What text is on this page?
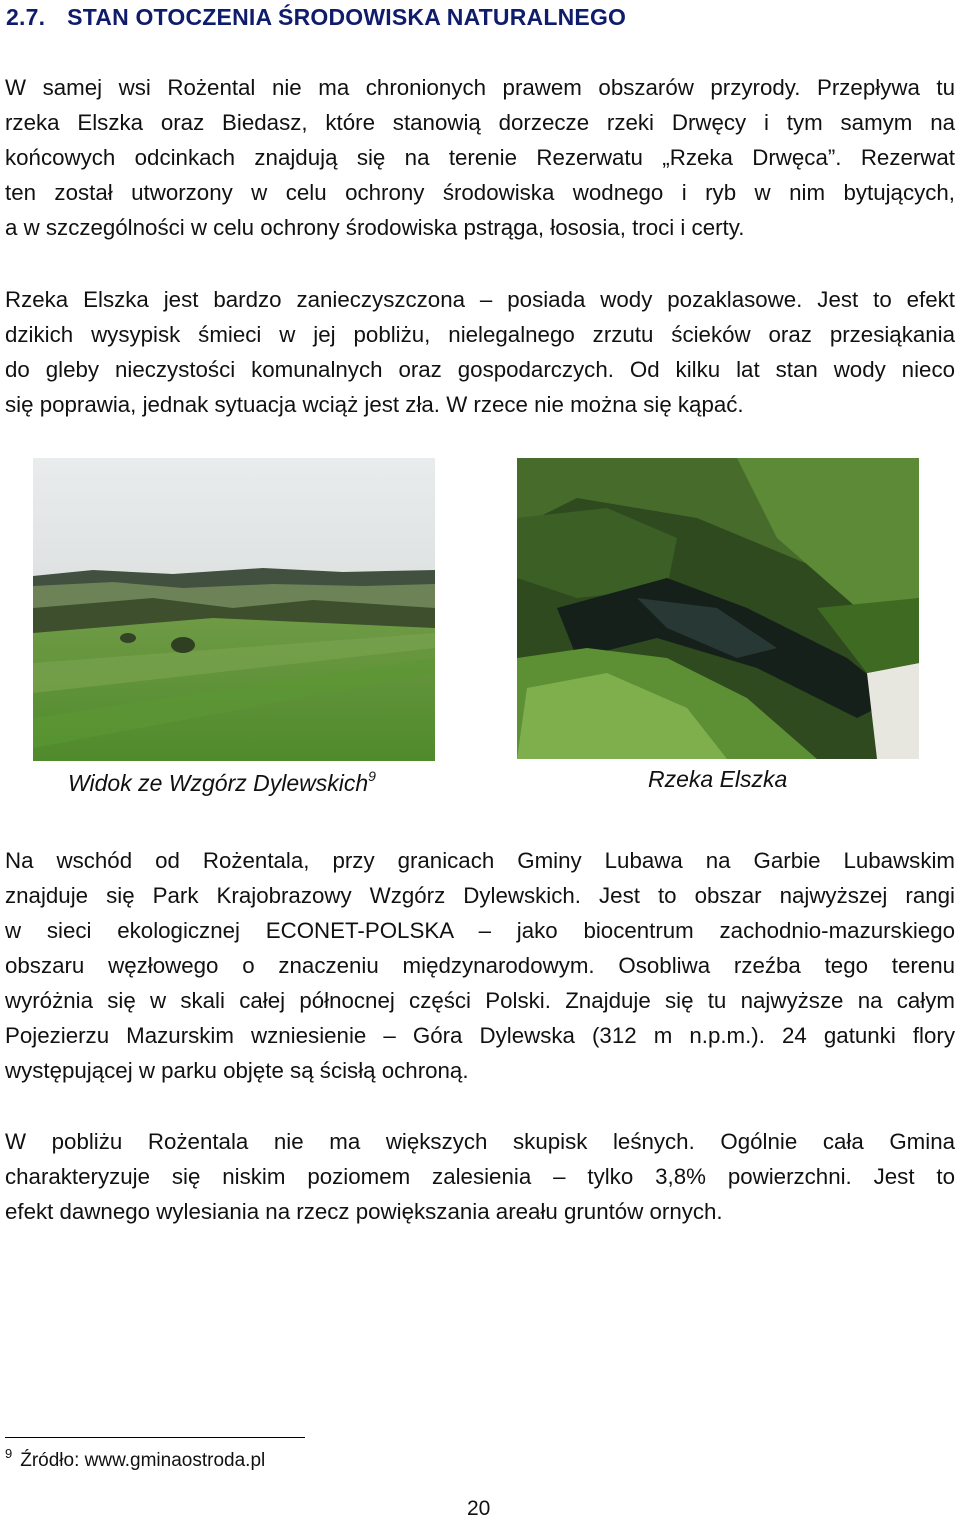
2.7. STAN OTOCZENIA ŚRODOWISKA NATURALNEGO
W samej wsi Rożental nie ma chronionych prawem obszarów przyrody. Przepływa tu
rzeka Elszka oraz Biedasz, które stanowią dorzecze rzeki Drwęcy i tym samym na
końcowych odcinkach znajdują się na terenie Rezerwatu „Rzeka Drwęca”. Rezerwat
ten został utworzony w celu ochrony środowiska wodnego i ryb w nim bytujących,
a w szczególności w celu ochrony środowiska pstrąga, łososia, troci i certy.
Rzeka Elszka jest bardzo zanieczyszczona – posiada wody pozaklasowe. Jest to efekt
dzikich wysypisk śmieci w jej pobliżu, nielegalnego zrzutu ścieków oraz przesiąkania
do gleby nieczystości komunalnych oraz gospodarczych. Od kilku lat stan wody nieco
się poprawia, jednak sytuacja wciąż jest zła. W rzece nie można się kąpać.
Widok ze Wzgórz Dylewskich$^9$	Rzeka Elszka
Na wschód od Rożentala, przy granicach Gminy Lubawa na Garbie Lubawskim
znajduje się Park Krajobrazowy Wzgórz Dylewskich. Jest to obszar najwyższej rangi
w sieci ekologicznej ECONET-POLSKA – jako biocentrum zachodnio-mazurskiego
obszaru węzłowego o znaczeniu międzynarodowym. Osobliwa rzeźba tego terenu
wyróżnia się w skali całej północnej części Polski. Znajduje się tu najwyższe na całym
Pojezierzu Mazurskim wzniesienie – Góra Dylewska (312 m n.p.m.). 24 gatunki flory
występującej w parku objęte są ścisłą ochroną.
W pobliżu Rożentala nie ma większych skupisk leśnych. Ogólnie cała Gmina
charakteryzuje się niskim poziomem zalesienia – tylko 3,8% powierzchni. Jest to
efekt dawnego wylesiania na rzecz powiększania areału gruntów ornych.
$^9$ Źródło: www.gminaostroda.pl
20
